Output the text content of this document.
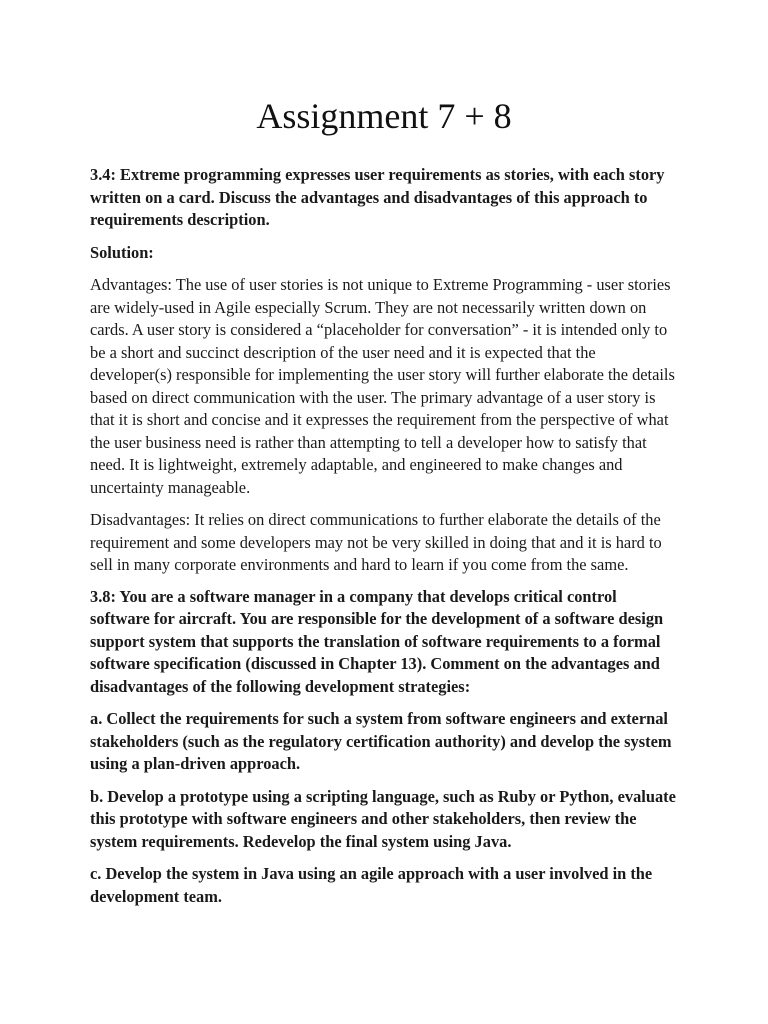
Assignment 7 + 8

3.4: Extreme programming expresses user requirements as stories, with each story written on a card. Discuss the advantages and disadvantages of this approach to requirements description.

Solution:

Advantages: The use of user stories is not unique to Extreme Programming - user stories are widely-used in Agile especially Scrum. They are not necessarily written down on cards. A user story is considered a “placeholder for conversation” - it is intended only to be a short and succinct description of the user need and it is expected that the developer(s) responsible for implementing the user story will further elaborate the details based on direct communication with the user. The primary advantage of a user story is that it is short and concise and it expresses the requirement from the perspective of what the user business need is rather than attempting to tell a developer how to satisfy that need. It is lightweight, extremely adaptable, and engineered to make changes and uncertainty manageable.

Disadvantages: It relies on direct communications to further elaborate the details of the requirement and some developers may not be very skilled in doing that and it is hard to sell in many corporate environments and hard to learn if you come from the same.

3.8: You are a software manager in a company that develops critical control software for aircraft. You are responsible for the development of a software design support system that supports the translation of software requirements to a formal software specification (discussed in Chapter 13). Comment on the advantages and disadvantages of the following development strategies:

a. Collect the requirements for such a system from software engineers and external stakeholders (such as the regulatory certification authority) and develop the system using a plan-driven approach.

b. Develop a prototype using a scripting language, such as Ruby or Python, evaluate this prototype with software engineers and other stakeholders, then review the system requirements. Redevelop the final system using Java.

c. Develop the system in Java using an agile approach with a user involved in the development team.
